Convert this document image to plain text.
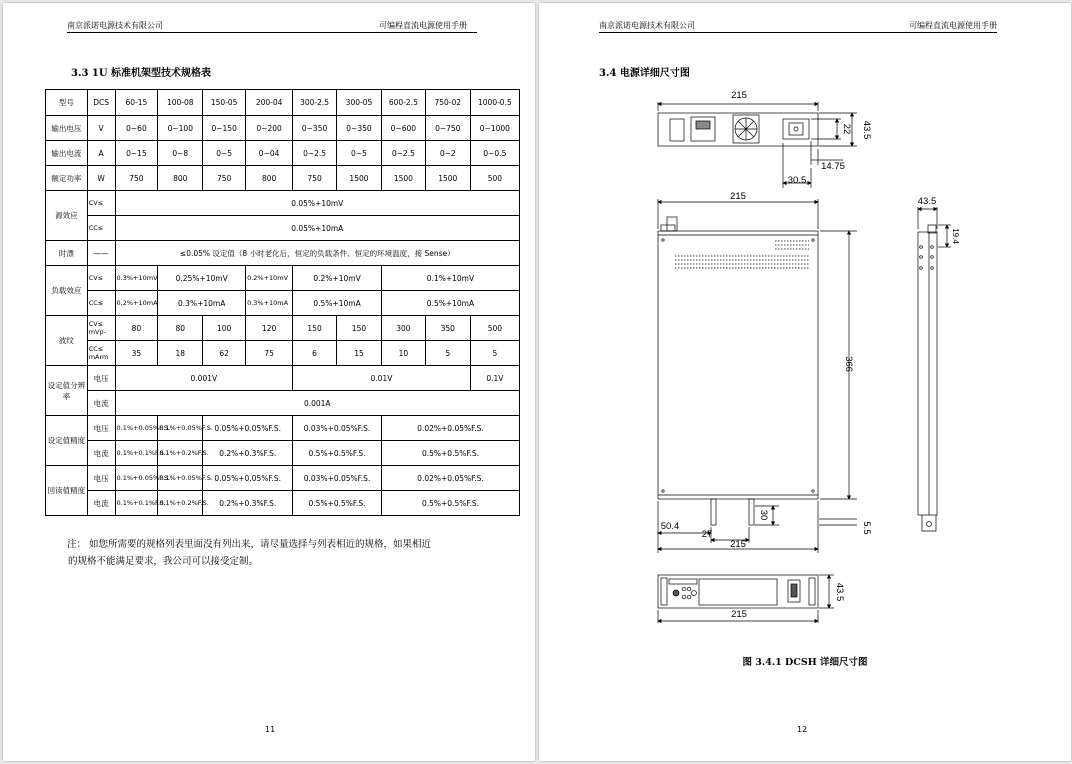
南京派诺电源技术有限公司	可编程直流电源使用手册
3.3 1U 标准机架型技术规格表
型号	DCS	60-15	100-08	150-05	200-04	300-2.5	300-05	600-2.5	750-02	1000-0.5
输出电压	V	0~60	0~100	0~150	0~200	0~350	0~350	0~600	0~750	0~1000
输出电流	A	0~15	0~8	0~5	0~04	0~2.5	0~5	0~2.5	0~2	0~0.5
额定功率	W	750	800	750	800	750	1500	1500	1500	500
源效应	CV≤	0.05%+10mV								
	CC≤	0.05%+10mA								
时漂	——	≤0.05% 设定值（8 小时老化后，恒定的负载条件、恒定的环境温度，接 Sense）								
负载效应	CV≤	0.3%+10mV	0.25%+10mV		0.2%+10mV	0.2%+10mV		0.1%+10mV		
	CC≤	0.2%+10mA	0.3%+10mA		0.3%+10mA	0.5%+10mA		0.5%+10mA		
波纹	CV≤ mVp-	80	80	100	120	150	150	300	350	500
	CC≤ mArm	35	18	62	75	6	15	10	5	5
设定值分辨率	电压	0.001V				0.01V				0.1V
	电流	0.001A								
设定值精度	电压	0.1%+0.05%F.S.	0.1%+0.05%F.S.	0.05%+0.05%F.S.		0.03%+0.05%F.S.		0.02%+0.05%F.S.		
	电流	0.1%+0.1%F.S.	0.1%+0.2%F.S.	0.2%+0.3%F.S.		0.5%+0.5%F.S.		0.5%+0.5%F.S.		
回读值精度	电压	0.1%+0.05%F.S.	0.1%+0.05%F.S.	0.05%+0.05%F.S.		0.03%+0.05%F.S.		0.02%+0.05%F.S.		
	电流	0.1%+0.1%F.S.	0.1%+0.2%F.S.	0.2%+0.3%F.S.		0.5%+0.5%F.S.		0.5%+0.5%F.S.		

注： 如您所需要的规格列表里面没有列出来，请尽量选择与列表相近的规格，如果相近

的规格不能满足要求，我公司可以接受定制。

11
南京派诺电源技术有限公司	可编程直流电源使用手册
3.4 电源详细尺寸图
215
43.5
22
14.75
30.5
215
366
43.5
19.4
30
5.5
50.4
27
215
43.5
215
图 3.4.1 DCSH 详细尺寸图
12
